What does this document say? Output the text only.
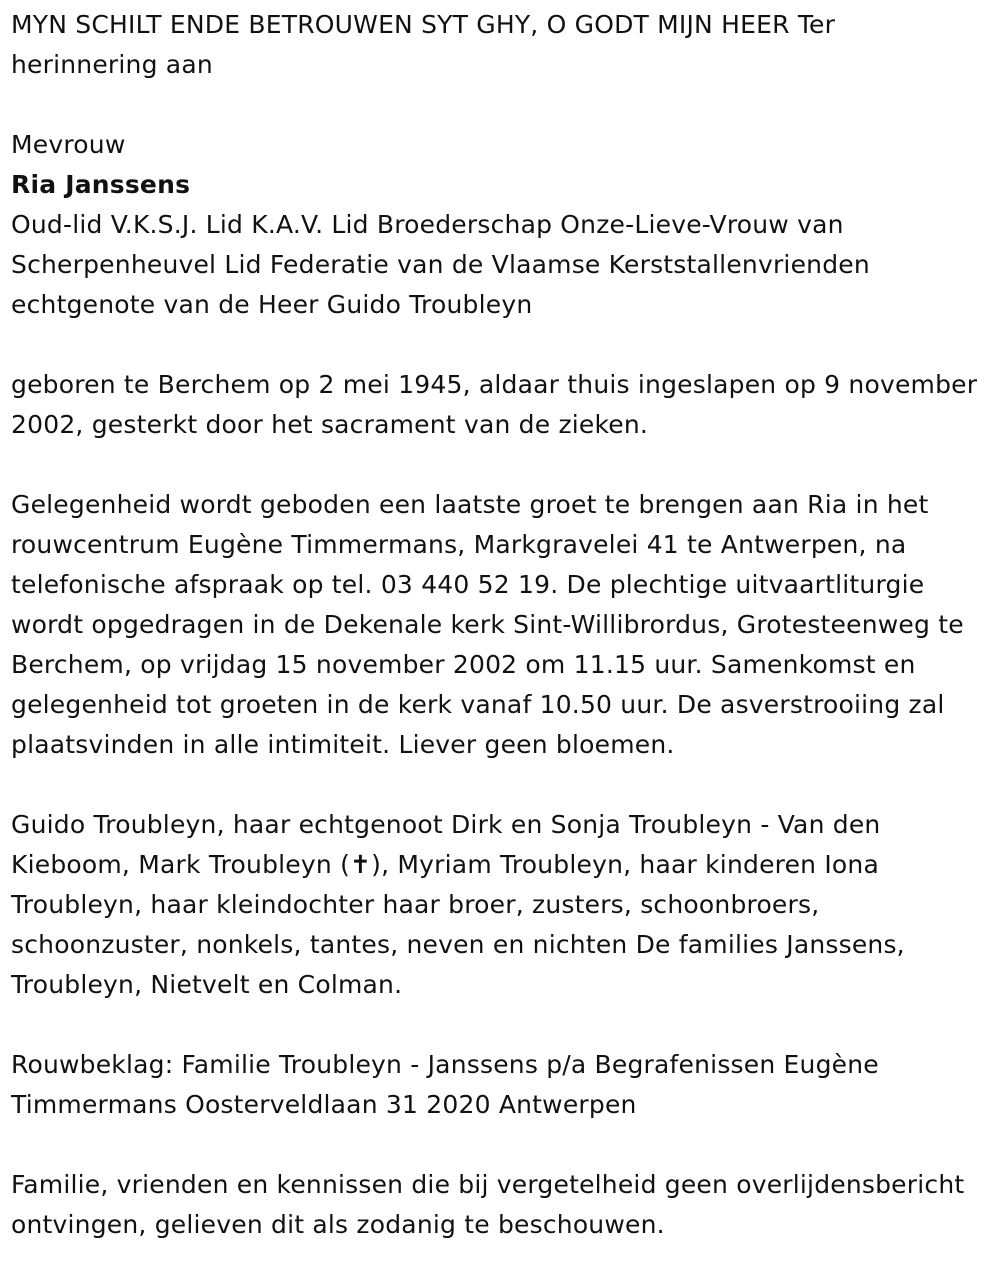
MYN SCHILT ENDE BETROUWEN SYT GHY, O GODT MIJN HEER Ter herinnering aan

Mevrouw

Ria Janssens

Oud-lid V.K.S.J. Lid K.A.V. Lid Broederschap Onze-Lieve-Vrouw van Scherpenheuvel Lid Federatie van de Vlaamse Kerststallenvrienden

echtgenote van de Heer Guido Troubleyn

geboren te Berchem op 2 mei 1945, aldaar thuis ingeslapen op 9 november 2002, gesterkt door het sacrament van de zieken.

Gelegenheid wordt geboden een laatste groet te brengen aan Ria in het rouwcentrum Eugène Timmermans, Markgravelei 41 te Antwerpen, na telefonische afspraak op tel. 03 440 52 19. De plechtige uitvaartliturgie wordt opgedragen in de Dekenale kerk Sint-Willibrordus, Grotesteenweg te Berchem, op vrijdag 15 november 2002 om 11.15 uur. Samenkomst en gelegenheid tot groeten in de kerk vanaf 10.50 uur. De asverstrooiing zal plaatsvinden in alle intimiteit. Liever geen bloemen.

Guido Troubleyn, haar echtgenoot Dirk en Sonja Troubleyn - Van den Kieboom, Mark Troubleyn (✝), Myriam Troubleyn, haar kinderen Iona Troubleyn, haar kleindochter haar broer, zusters, schoonbroers, schoonzuster, nonkels, tantes, neven en nichten De families Janssens, Troubleyn, Nietvelt en Colman.

Rouwbeklag: Familie Troubleyn - Janssens p/a Begrafenissen Eugène Timmermans Oosterveldlaan 31 2020 Antwerpen

Familie, vrienden en kennissen die bij vergetelheid geen overlijdensbericht ontvingen, gelieven dit als zodanig te beschouwen.
